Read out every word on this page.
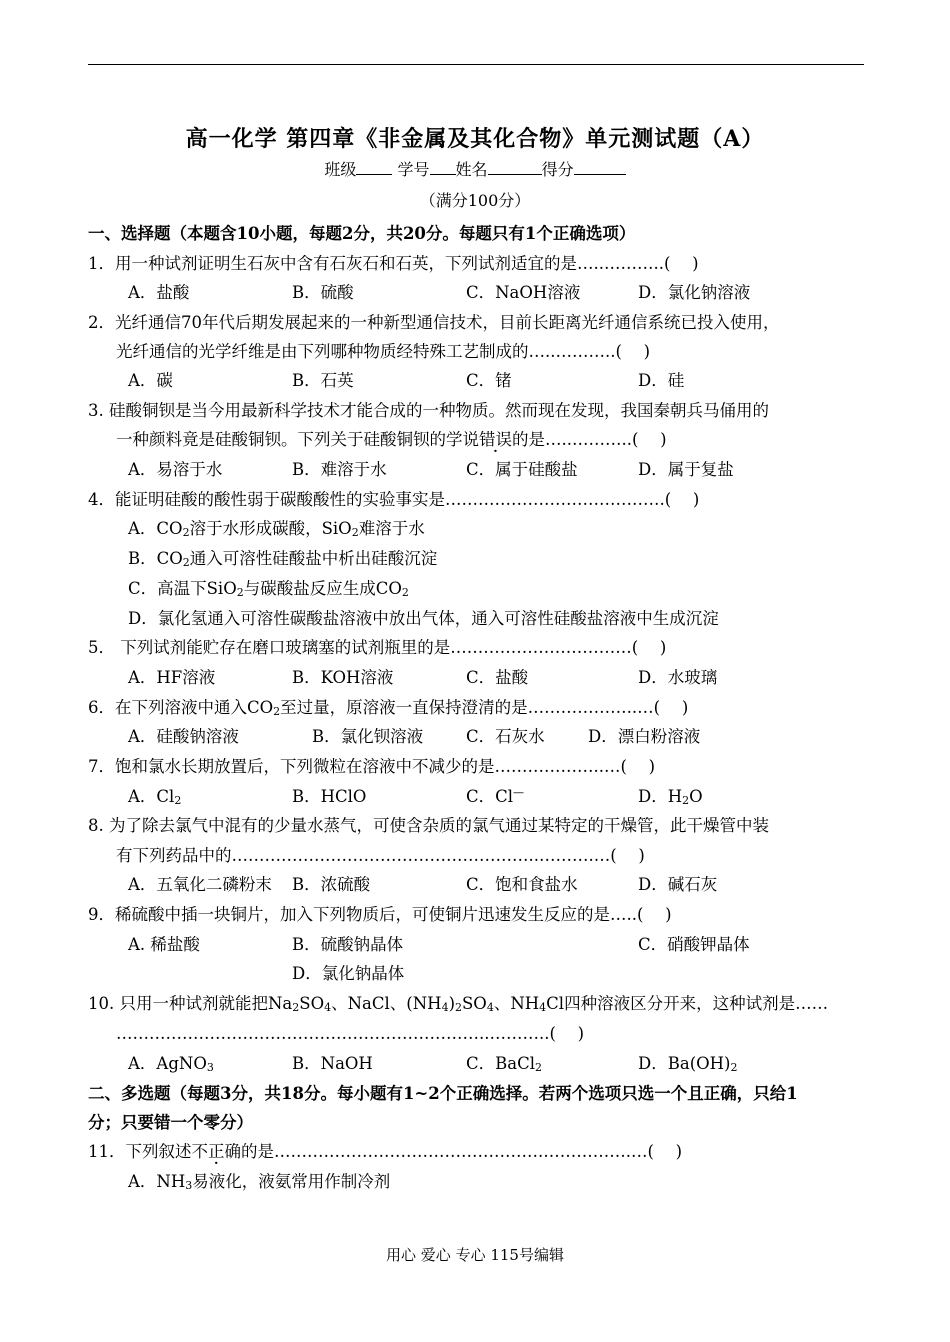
高一化学 第四章《非金属及其化合物》单元测试题（A）
班级	学号 姓名	得分
（满分100分）
一、选择题（本题含10小题，每题2分，共20分。每题只有1个正确选项）
1．用一种试剂证明生石灰中含有石灰石和石英，下列试剂适宜的是…..………..(　 )
A．盐酸	B．硫酸	C．NaOH溶液	D．氯化钠溶液
2．光纤通信70年代后期发展起来的一种新型通信技术，目前长距离光纤通信系统已投入使用，
光纤通信的光学纤维是由下列哪种物质经特殊工艺制成的…..………..(　 )
A．碳	B．石英	C．锗	D．硅
3. 硅酸铜钡是当今用最新科学技术才能合成的一种物质。然而现在发现，我国秦朝兵马俑用的
一种颜料竟是硅酸铜钡。下列关于硅酸铜钡的学说错误的是…..………..(　 )
A．易溶于水	B．难溶于水	C．属于硅酸盐	D．属于复盐
4．能证明硅酸的酸性弱于碳酸酸性的实验事实是………………………………….(　 )
A．$CO_2$溶于水形成碳酸，SiO$_2$难溶于水
B．$CO_2$通入可溶性硅酸盐中析出硅酸沉淀
C．高温下SiO$_2$与碳酸盐反应生成$CO_2$
D．氯化氢通入可溶性碳酸盐溶液中放出气体，通入可溶性硅酸盐溶液中生成沉淀
5． 下列试剂能贮存在磨口玻璃塞的试剂瓶里的是……………………………(　 )
A．HF溶液	B．KOH溶液	C．盐酸	D．水玻璃
6．在下列溶液中通入$CO_2$至过量，原溶液一直保持澄清的是………………..…(　 )
A．硅酸钠溶液	B．氯化钡溶液	C．石灰水	D．漂白粉溶液
7．饱和氯水长期放置后，下列微粒在溶液中不减少的是………………..…(　 )
A．$Cl_2$	B．HClO	C．Cl—	D．$H_2O$
8. 为了除去氯气中混有的少量水蒸气，可使含杂质的氯气通过某特定的干燥管，此干燥管中装
有下列药品中的………………………………………………..……….…(　 )
A．五氧化二磷粉末 B．浓硫酸	C．饱和食盐水	D．碱石灰
9．稀硫酸中插一块铜片，加入下列物质后，可使铜片迅速发生反应的是…..(　 )
A. 稀盐酸	B．硫酸钠晶体	C．硝酸钾晶体
D．氯化钠晶体
10. 只用一种试剂就能把$Na_2SO_4$、NaCl、$(NH_4)_2SO_4$、$NH_4Cl$四种溶液区分开来，这种试剂是……
…………………………………………………………..………..(　 )
A．AgNO$_3$	B．NaOH	C．BaCl$_2$	D．$Ba(OH)_2$
二、多选题（每题3分，共18分。每小题有1~2个正确选择。若两个选项只选一个且正确，只给1
分；只要错一个零分）
11．下列叙述不正确的是………………………………………….…………….…(　 )
A．$NH_3$易液化，液氨常用作制冷剂
用心 爱心 专心 115号编辑
